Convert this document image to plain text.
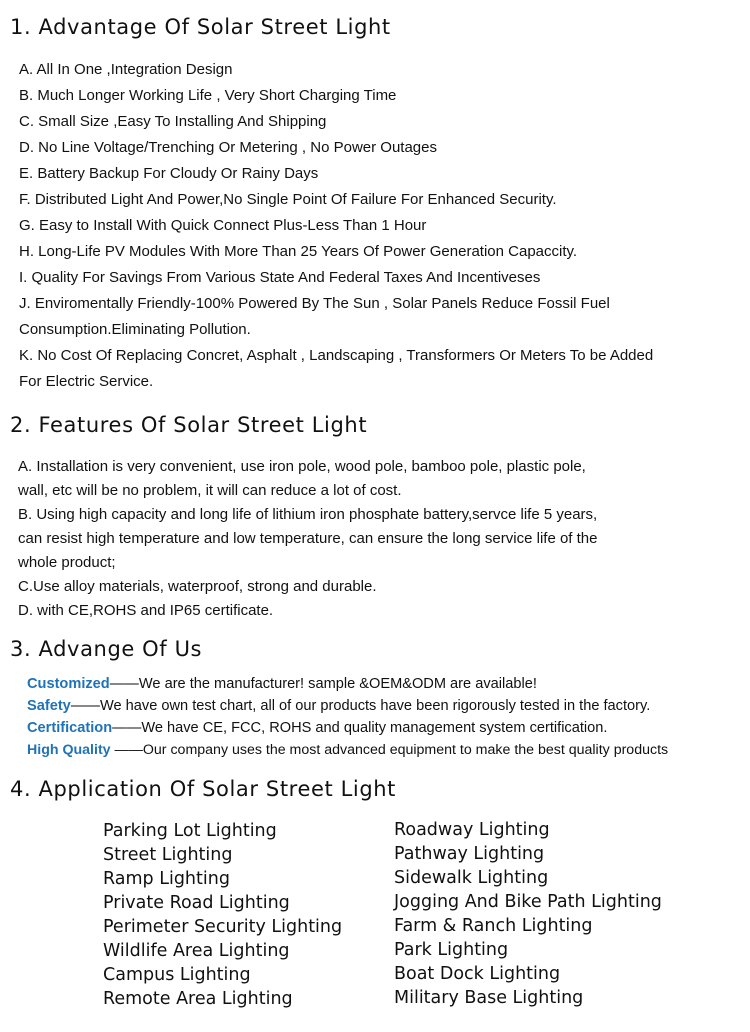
1. Advantage Of Solar Street Light
A. All In One ,Integration Design
B. Much Longer Working Life , Very Short Charging Time
C. Small Size ,Easy To Installing And Shipping
D. No Line Voltage/Trenching Or Metering , No Power Outages
E. Battery Backup For Cloudy Or Rainy Days
F. Distributed Light And Power,No Single Point Of Failure For Enhanced Security.
G. Easy to Install With Quick Connect Plus-Less Than 1 Hour
H. Long-Life PV Modules With More Than 25 Years Of Power Generation Capaccity.
I. Quality For Savings From Various State And Federal Taxes And Incentiveses
J. Enviromentally Friendly-100% Powered By The Sun , Solar Panels Reduce Fossil Fuel
Consumption.Eliminating Pollution.
K. No Cost Of Replacing Concret, Asphalt , Landscaping , Transformers Or Meters To be Added
For Electric Service.
2. Features Of Solar Street Light
A. Installation is very convenient, use iron pole, wood pole, bamboo pole, plastic pole,
wall, etc will be no problem, it will can reduce a lot of cost.
B. Using high capacity and long life of lithium iron phosphate battery,servce life 5 years,
can resist high temperature and low temperature, can ensure the long service life of the
whole product;
C.Use alloy materials, waterproof, strong and durable.
D. with CE,ROHS and IP65 certificate.
3. Advange Of Us
Customized——We are the manufacturer! sample &OEM&ODM are available!
Safety——We have own test chart, all of our products have been rigorously tested in the factory.
Certification——We have CE, FCC, ROHS and quality management system certification.
High Quality ——Our company uses the most advanced equipment to make the best quality products
4. Application Of Solar Street Light
Parking Lot Lighting
Street Lighting
Ramp Lighting
Private Road Lighting
Perimeter Security Lighting
Wildlife Area Lighting
Campus Lighting
Remote Area Lighting
Roadway Lighting
Pathway Lighting
Sidewalk Lighting
Jogging And Bike Path Lighting
Farm & Ranch Lighting
Park Lighting
Boat Dock Lighting
Military Base Lighting
